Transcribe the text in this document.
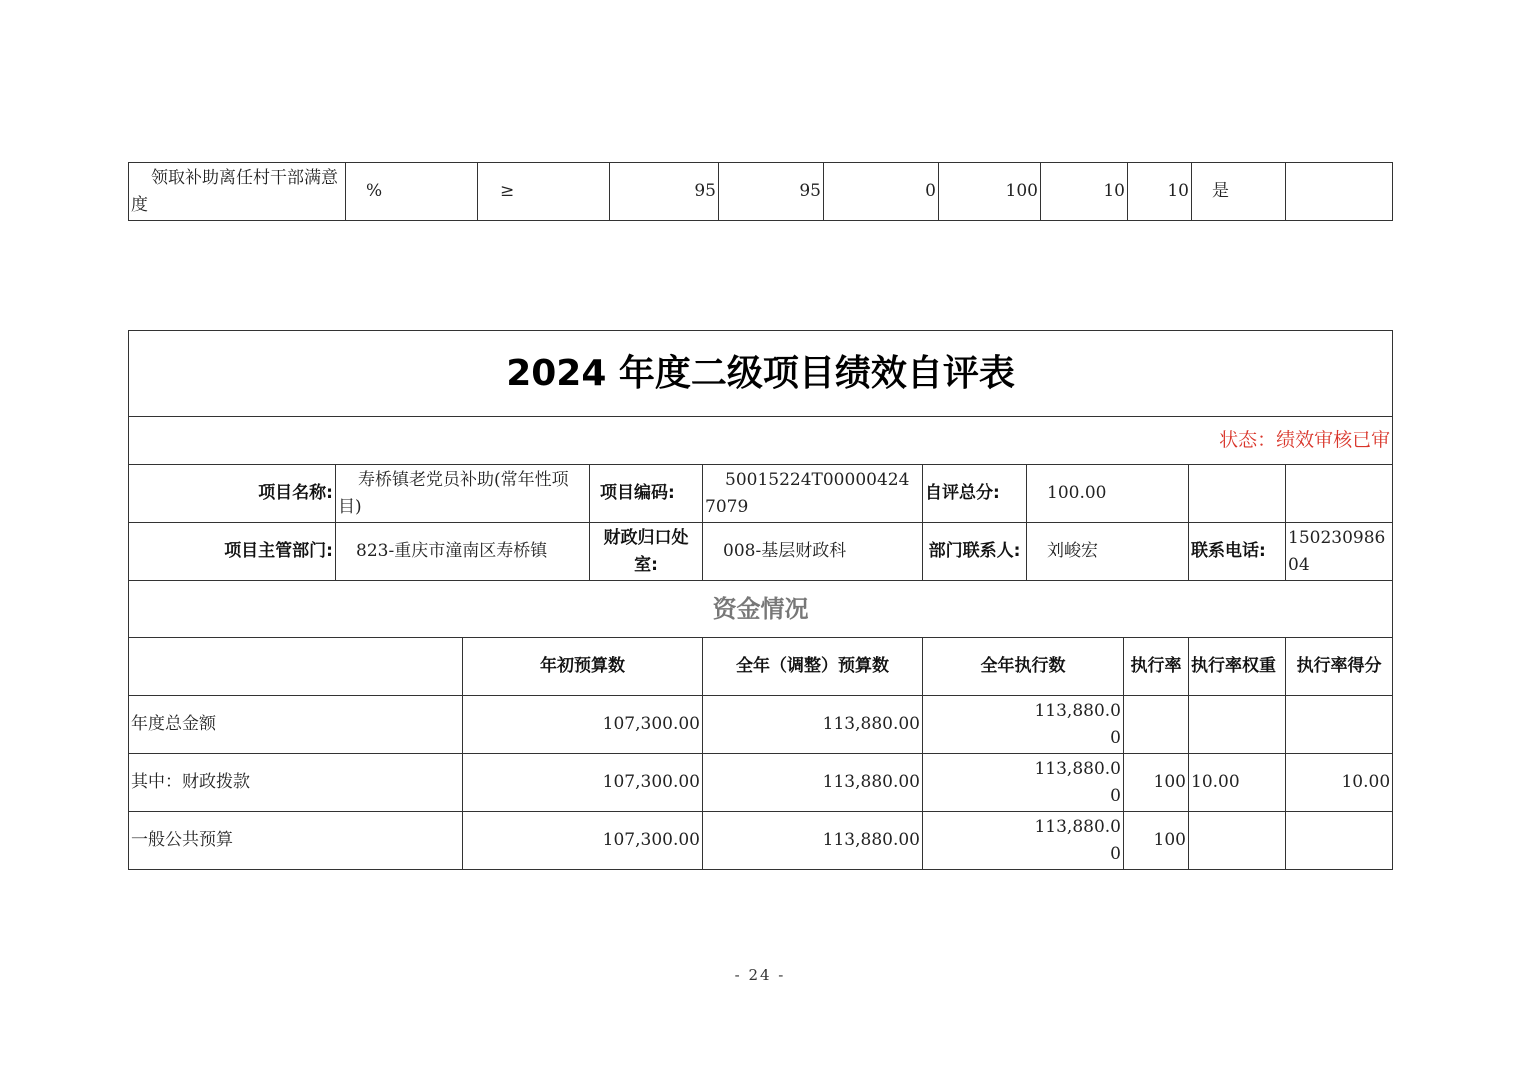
领取补助离任村干部满意度	%	≥	95	95	0	100	10	10	是	
2024 年度二级项目绩效自评表									
状态：绩效审核已审									
项目名称:	寿桥镇老党员补助(常年性项目)		项目编码:	50015224T000004247079	自评总分:	100.00			
项目主管部门:	823-重庆市潼南区寿桥镇		财政归口处室:	008-基层财政科	部门联系人:	刘峻宏		联系电话:	15023098604
资金情况									
		年初预算数		全年（调整）预算数	全年执行数		执行率	执行率权重	执行率得分
年度总金额		107,300.00		113,880.00	113,880.00				
其中：财政拨款		107,300.00		113,880.00	113,880.00		100	10.00	10.00
一般公共预算		107,300.00		113,880.00	113,880.00		100		
- 24 -
